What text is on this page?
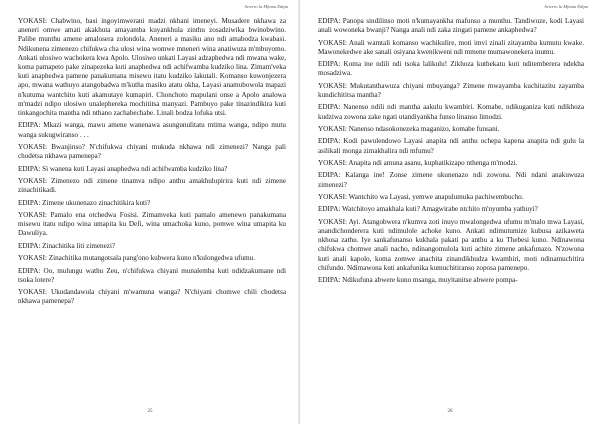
Sewero la Mfumu Edipa

YOKASI: Chabwino, basi ingoyimwerani madzi nkhani imeneyi. Musadere nkhawa za aneneri omwe amati akakhuta amayamba kuyankhula zinthu zosadziwika bwinobwino. Palibe munthu amene amalosera zolondola. Aneneri a masiku ano ndi amabodza kwabasi. Ndikunena zimenezo chifukwa cha ulosi wina womwe mneneri wina anatiwuza m'mbuyomo. Ankati ulosiwo wachokera kwa Apolo. Ulosiwo unkati Layasi adzaphedwa ndi mwana wake, koma pamapeto pake zinapezeka kuti anaphedwa ndi achifwamba kudziko lina. Zimam'veka kuti anaphedwa pamene panakumana misewu itatu kudziko lakutali. Komanso kuwonjezera apo, mwana wathuyo atangobadwa m'kutha masiku atatu okha, Layasi anamubowola mapazi n'kutuma wantchito kuti akamutaye kumapiri. Chonchoto mapulani onse a Apolo analowa m'madzi ndipo ulosiwo unalephereka mochititsa manyazi. Pambuyo pake tinazindikira kuti tinkangochita mantha ndi nthano zachabechabe. Linali bodza lofuka utsi.

EDIPA: Mkazi wanga, mawu amene wanenawa asungunulitatu mtima wanga, ndipo mutu wanga sukugwiranso . . .

YOKASI: Bwanjinso? N'chifukwa chiyani mukuda nkhawa ndi zimenezi? Nanga pali chodetsa nkhawa pamenepa?

EDIPA: Si wanena kuti Layasi anaphedwa ndi achifwamba kudziko lina?

YOKASI: Zimenezo ndi zimene tinamva ndipo anthu amakhulupirira kuti ndi zimene zinachitikadi.

EDIPA: Zimene ukunenazo zinachitikira kuti?

YOKASI: Pamalo ena otchedwa Fosisi. Zimamveka kuti pamalo amenewo panakumana misewu itatu ndipo wina umapita ku Defi, wina umachoka kuno, pomwe wina umapita ku Dawuliya.

EDIPA: Zinachitika liti zimenezi?

YOKASI: Zinachitika mutangotsala pang'ono kubwera kuno n'kulongedwa ufumu.

EDIPA: Oo, mulungu wathu Zeu, n'chifukwa chiyani munalemba kuti ndidzakumane ndi tsoka lotere?

YOKASI: Ukudandawula chiyani m'wamuna wanga? N'chiyani chomwe chili chodetsa nkhawa pamenepa?

25
Sewero la Mfumu Edipa

EDIPA: Panopa sindilinso moti n'kumayankha mafunso a munthu. Tandiwuze, kodi Layasi anali wowoneka bwanji? Nanga anali ndi zaka zingati pamene ankaphedwa?

YOKASI: Anali wamtali komanso wachikulire, moti imvi zinali zitayamba kumutu kwake. Mawonekedwe ake sanali osiyana kwenikweni ndi mmene mumawonekera inumu.

EDIPA: Koma ine ndili ndi tsoka lalikulu! Zikhoza kuthekatu kuti nditemberera ndekha mosadziwa.

YOKASI: Mukutanthawuza chiyani mbuyanga? Zimene mwayamba kuchitazitu zayamba kundichititsa mantha?

EDIPA: Nanenso ndili ndi mantha aakulu kwambiri. Komabe, ndikuganiza kuti ndikhoza kudziwa zowona zake ngati utandiyankha funso linanso limodzi.

YOKASI: Nanenso ndasokonezeka maganizo, komabe funsani.

EDIPA: Kodi pawulendowo Layasi anapita ndi anthu ochepa kapena anapita ndi gulu la asilikali monga zimakhalira ndi mfumu?

YOKASI: Anapita ndi amuna asanu, kuphatikizapo nthenga m'modzi.

EDIPA: Kalanga ine! Zonse zimene ukunenazo ndi zowona. Ndi ndani anakuwuza zimenezi?

YOKASI: Wantchito wa Layasi, yemwe anapulumuka pachiwembucho.

EDIPA: Watchitoyo amakhala kuti? Amagwirabe ntchito m'nyumba yathuyi?

YOKASI: Ayi. Atangobwera n'kumva zoti inuyo mwalongedwa ufumu m'malo mwa Layasi, anandichonderera kuti ndimulole achoke kuno. Ankati ndimutumize kubusa azikaweta nkhosa zathu. Iye sankafunanso kukhala pakati pa anthu a ku Thebesi kuno. Ndinawona chifukwa chomwe anali nacho, ndinangomulola kuti achite zimene ankafunazo. N'zowona kuti anali kapolo, koma zomwe anachita zinandikhudza kwambiri, moti ndinamuchitira chifundo. Ndimawona kuti ankafunika kumuchitiranso zoposa pamenepo.

EDIPA: Ndikufuna abwere kuno msanga, muyitanitse abwere pompa-

26
